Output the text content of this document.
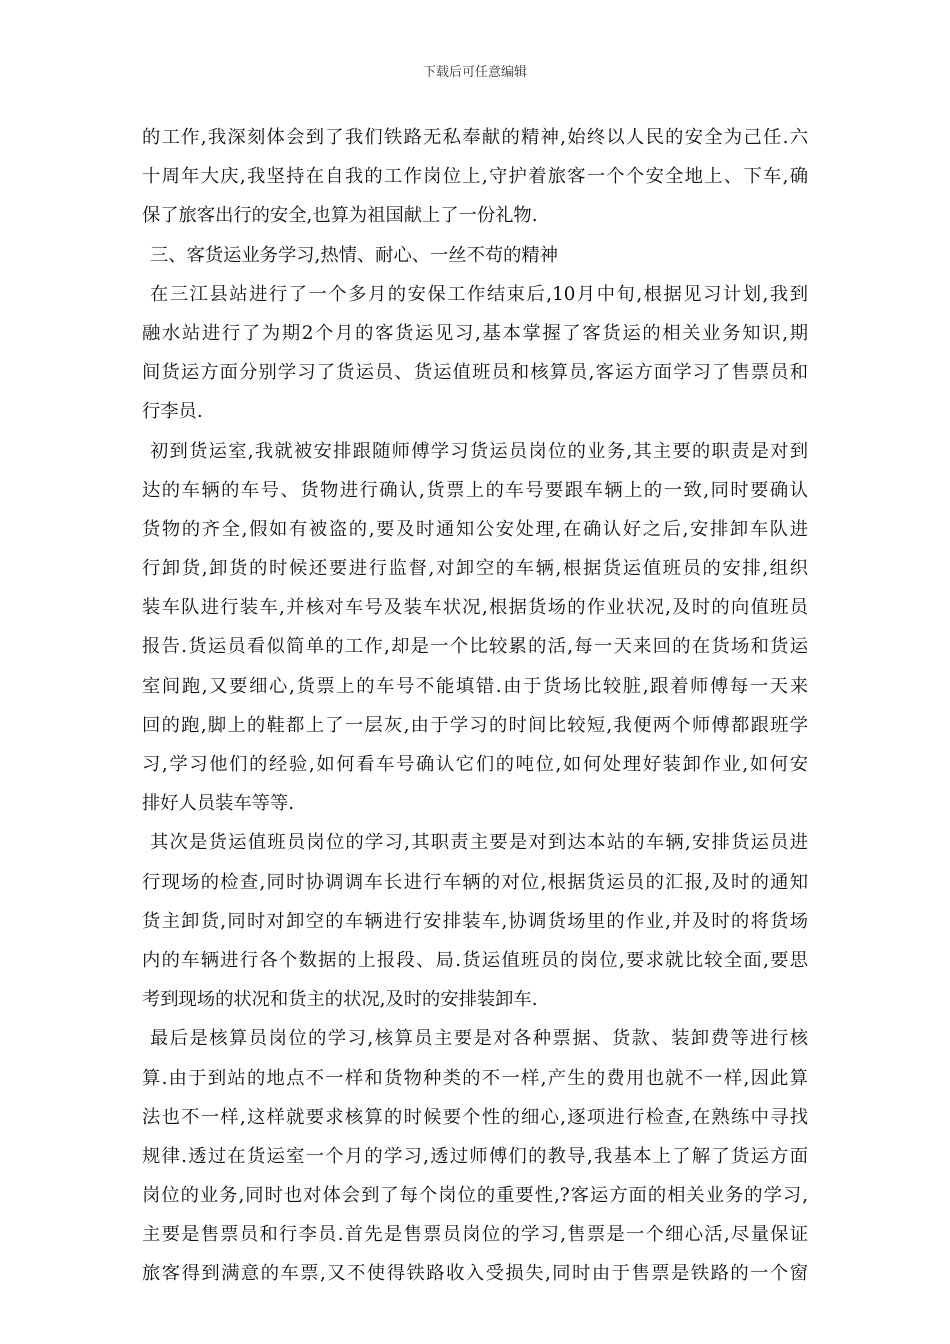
下载后可任意编辑
的工作,我深刻体会到了我们铁路无私奉献的精神,始终以人民的安全为己任.六
十周年大庆,我坚持在自我的工作岗位上,守护着旅客一个个安全地上、下车,确
保了旅客出行的安全,也算为祖国献上了一份礼物.
三、客货运业务学习,热情、耐心、一丝不苟的精神
在三江县站进行了一个多月的安保工作结束后,10月中旬,根据见习计划,我到
融水站进行了为期2个月的客货运见习,基本掌握了客货运的相关业务知识,期
间货运方面分别学习了货运员、货运值班员和核算员,客运方面学习了售票员和
行李员.
初到货运室,我就被安排跟随师傅学习货运员岗位的业务,其主要的职责是对到
达的车辆的车号、货物进行确认,货票上的车号要跟车辆上的一致,同时要确认
货物的齐全,假如有被盗的,要及时通知公安处理,在确认好之后,安排卸车队进
行卸货,卸货的时候还要进行监督,对卸空的车辆,根据货运值班员的安排,组织
装车队进行装车,并核对车号及装车状况,根据货场的作业状况,及时的向值班员
报告.货运员看似简单的工作,却是一个比较累的活,每一天来回的在货场和货运
室间跑,又要细心,货票上的车号不能填错.由于货场比较脏,跟着师傅每一天来
回的跑,脚上的鞋都上了一层灰,由于学习的时间比较短,我便两个师傅都跟班学
习,学习他们的经验,如何看车号确认它们的吨位,如何处理好装卸作业,如何安
排好人员装车等等.
其次是货运值班员岗位的学习,其职责主要是对到达本站的车辆,安排货运员进
行现场的检查,同时协调调车长进行车辆的对位,根据货运员的汇报,及时的通知
货主卸货,同时对卸空的车辆进行安排装车,协调货场里的作业,并及时的将货场
内的车辆进行各个数据的上报段、局.货运值班员的岗位,要求就比较全面,要思
考到现场的状况和货主的状况,及时的安排装卸车.
最后是核算员岗位的学习,核算员主要是对各种票据、货款、装卸费等进行核
算.由于到站的地点不一样和货物种类的不一样,产生的费用也就不一样,因此算
法也不一样,这样就要求核算的时候要个性的细心,逐项进行检查,在熟练中寻找
规律.透过在货运室一个月的学习,透过师傅们的教导,我基本上了解了货运方面
岗位的业务,同时也对体会到了每个岗位的重要性,?客运方面的相关业务的学习,
主要是售票员和行李员.首先是售票员岗位的学习,售票是一个细心活,尽量保证
旅客得到满意的车票,又不使得铁路收入受损失,同时由于售票是铁路的一个窗
